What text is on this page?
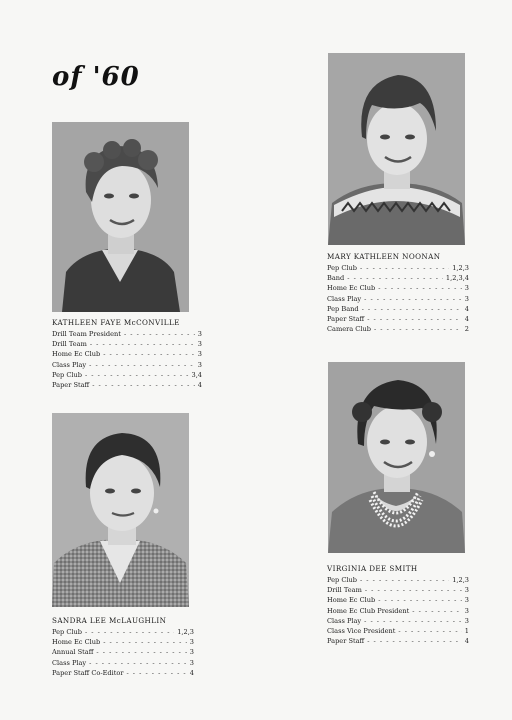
of '60
KATHLEEN FAYE McCONVILLE
Drill Team President - - -	3
Drill Team - - -	3
Home Ec Club - - -	3
Class Play - - -	3
Pep Club - - -	3,4
Paper Staff - - -	4
MARY KATHLEEN NOONAN
Pep Club - - -	1,2,3
Band - - -	1,2,3,4
Home Ec Club - - -	3
Class Play - - -	3
Pep Band - - -	4
Paper Staff - - -	4
Camera Club - - -	2
SANDRA LEE McLAUGHLIN
Pep Club - - -	1,2,3
Home Ec Club - - -	3
Annual Staff - - -	3
Class Play - - -	3
Paper Staff Co-Editor - - -	4
VIRGINIA DEE SMITH
Pep Club - - -	1,2,3
Drill Team - - -	3
Home Ec Club - - -	3
Home Ec Club President - - -	3
Class Play - - -	3
Class Vice President - - -	1
Paper Staff - - -	4
